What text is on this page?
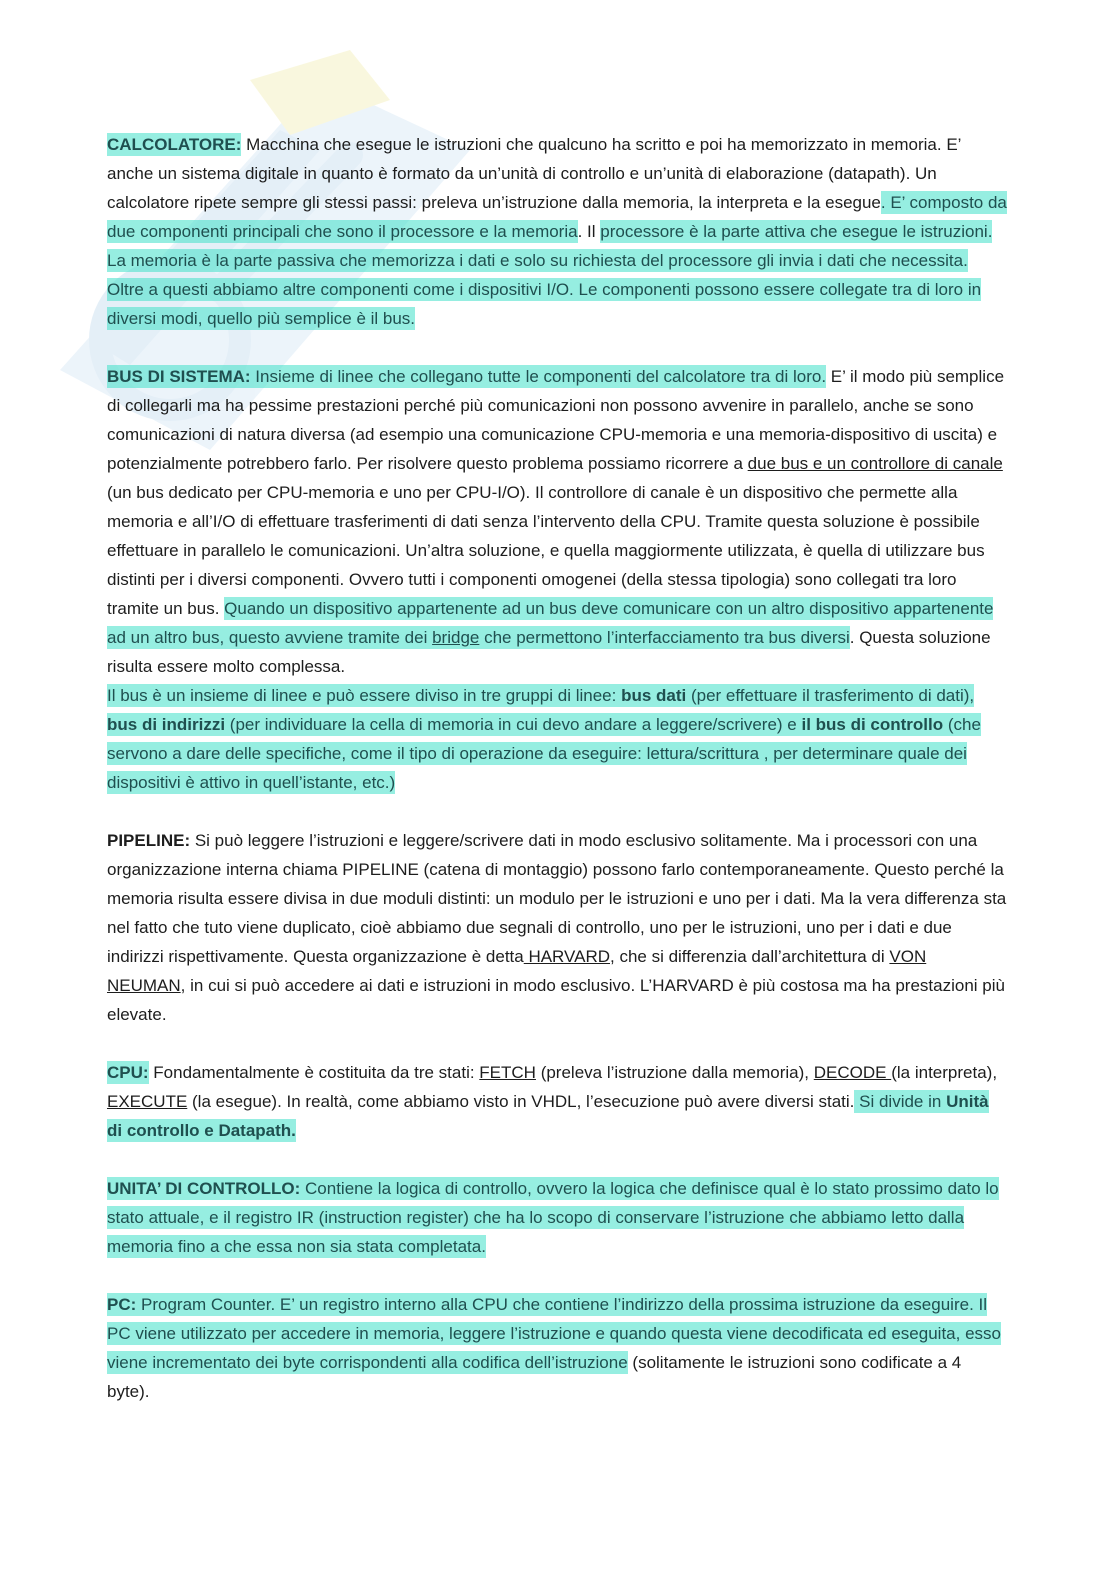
CALCOLATORE: Macchina che esegue le istruzioni che qualcuno ha scritto e poi ha memorizzato in memoria. E’ anche un sistema digitale in quanto è formato da un’unità di controllo e un’unità di elaborazione (datapath). Un calcolatore ripete sempre gli stessi passi: preleva un’istruzione dalla memoria, la interpreta e la esegue. E’ composto da due componenti principali che sono il processore e la memoria. Il processore è la parte attiva che esegue le istruzioni. La memoria è la parte passiva che memorizza i dati e solo su richiesta del processore gli invia i dati che necessita. Oltre a questi abbiamo altre componenti come i dispositivi I/O. Le componenti possono essere collegate tra di loro in diversi modi, quello più semplice è il bus.

BUS DI SISTEMA: Insieme di linee che collegano tutte le componenti del calcolatore tra di loro. E’ il modo più semplice di collegarli ma ha pessime prestazioni perché più comunicazioni non possono avvenire in parallelo, anche se sono comunicazioni di natura diversa (ad esempio una comunicazione CPU-memoria e una memoria-dispositivo di uscita) e potenzialmente potrebbero farlo. Per risolvere questo problema possiamo ricorrere a due bus e un controllore di canale (un bus dedicato per CPU-memoria e uno per CPU-I/O). Il controllore di canale è un dispositivo che permette alla memoria e all’I/O di effettuare trasferimenti di dati senza l’intervento della CPU. Tramite questa soluzione è possibile effettuare in parallelo le comunicazioni. Un’altra soluzione, e quella maggiormente utilizzata, è quella di utilizzare bus distinti per i diversi componenti. Ovvero tutti i componenti omogenei (della stessa tipologia) sono collegati tra loro tramite un bus. Quando un dispositivo appartenente ad un bus deve comunicare con un altro dispositivo appartenente ad un altro bus, questo avviene tramite dei bridge che permettono l’interfacciamento tra bus diversi. Questa soluzione risulta essere molto complessa.
Il bus è un insieme di linee e può essere diviso in tre gruppi di linee: bus dati (per effettuare il trasferimento di dati), bus di indirizzi (per individuare la cella di memoria in cui devo andare a leggere/scrivere) e il bus di controllo (che servono a dare delle specifiche, come il tipo di operazione da eseguire: lettura/scrittura , per determinare quale dei dispositivi è attivo in quell’istante, etc.)

PIPELINE: Si può leggere l’istruzioni e leggere/scrivere dati in modo esclusivo solitamente. Ma i processori con una organizzazione interna chiama PIPELINE (catena di montaggio) possono farlo contemporaneamente. Questo perché la memoria risulta essere divisa in due moduli distinti: un modulo per le istruzioni e uno per i dati. Ma la vera differenza sta nel fatto che tuto viene duplicato, cioè abbiamo due segnali di controllo, uno per le istruzioni, uno per i dati e due indirizzi rispettivamente. Questa organizzazione è detta HARVARD, che si differenzia dall’architettura di VON NEUMAN, in cui si può accedere ai dati e istruzioni in modo esclusivo. L’HARVARD è più costosa ma ha prestazioni più elevate.

CPU: Fondamentalmente è costituita da tre stati: FETCH (preleva l’istruzione dalla memoria), DECODE (la interpreta), EXECUTE (la esegue). In realtà, come abbiamo visto in VHDL, l’esecuzione può avere diversi stati. Si divide in Unità di controllo e Datapath.

UNITA’ DI CONTROLLO: Contiene la logica di controllo, ovvero la logica che definisce qual è lo stato prossimo dato lo stato attuale, e il registro IR (instruction register) che ha lo scopo di conservare l’istruzione che abbiamo letto dalla memoria fino a che essa non sia stata completata.

PC: Program Counter. E’ un registro interno alla CPU che contiene l’indirizzo della prossima istruzione da eseguire. Il PC viene utilizzato per accedere in memoria, leggere l’istruzione e quando questa viene decodificata ed eseguita, esso viene incrementato dei byte corrispondenti alla codifica dell’istruzione (solitamente le istruzioni sono codificate a 4 byte).
